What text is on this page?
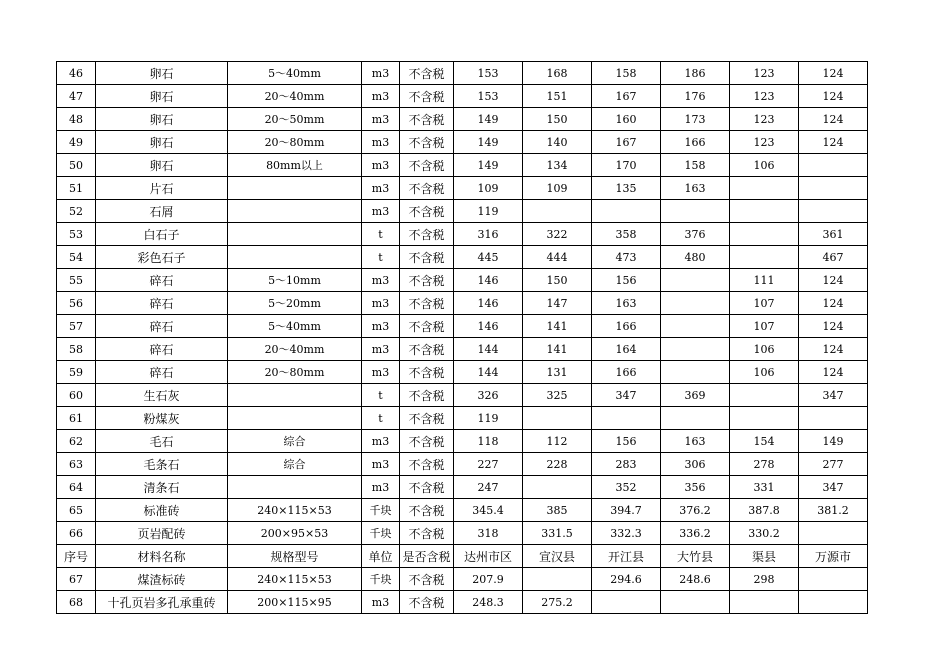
46	卵石	5～40mm	m3	不含税	153	168	158	186	123	124
47	卵石	20～40mm	m3	不含税	153	151	167	176	123	124
48	卵石	20～50mm	m3	不含税	149	150	160	173	123	124
49	卵石	20～80mm	m3	不含税	149	140	167	166	123	124
50	卵石	80mm以上	m3	不含税	149	134	170	158	106	
51	片石		m3	不含税	109	109	135	163		
52	石屑		m3	不含税	119					
53	白石子		t	不含税	316	322	358	376		361
54	彩色石子		t	不含税	445	444	473	480		467
55	碎石	5～10mm	m3	不含税	146	150	156		111	124
56	碎石	5～20mm	m3	不含税	146	147	163		107	124
57	碎石	5～40mm	m3	不含税	146	141	166		107	124
58	碎石	20～40mm	m3	不含税	144	141	164		106	124
59	碎石	20～80mm	m3	不含税	144	131	166		106	124
60	生石灰		t	不含税	326	325	347	369		347
61	粉煤灰		t	不含税	119					
62	毛石	综合	m3	不含税	118	112	156	163	154	149
63	毛条石	综合	m3	不含税	227	228	283	306	278	277
64	清条石		m3	不含税	247		352	356	331	347
65	标准砖	240×115×53	千块	不含税	345.4	385	394.7	376.2	387.8	381.2
66	页岩配砖	200×95×53	千块	不含税	318	331.5	332.3	336.2	330.2	
序号	材料名称	规格型号	单位	是否含税	达州市区	宣汉县	开江县	大竹县	渠县	万源市
67	煤渣标砖	240×115×53	千块	不含税	207.9		294.6	248.6	298	
68	十孔页岩多孔承重砖	200×115×95	m3	不含税	248.3	275.2				
